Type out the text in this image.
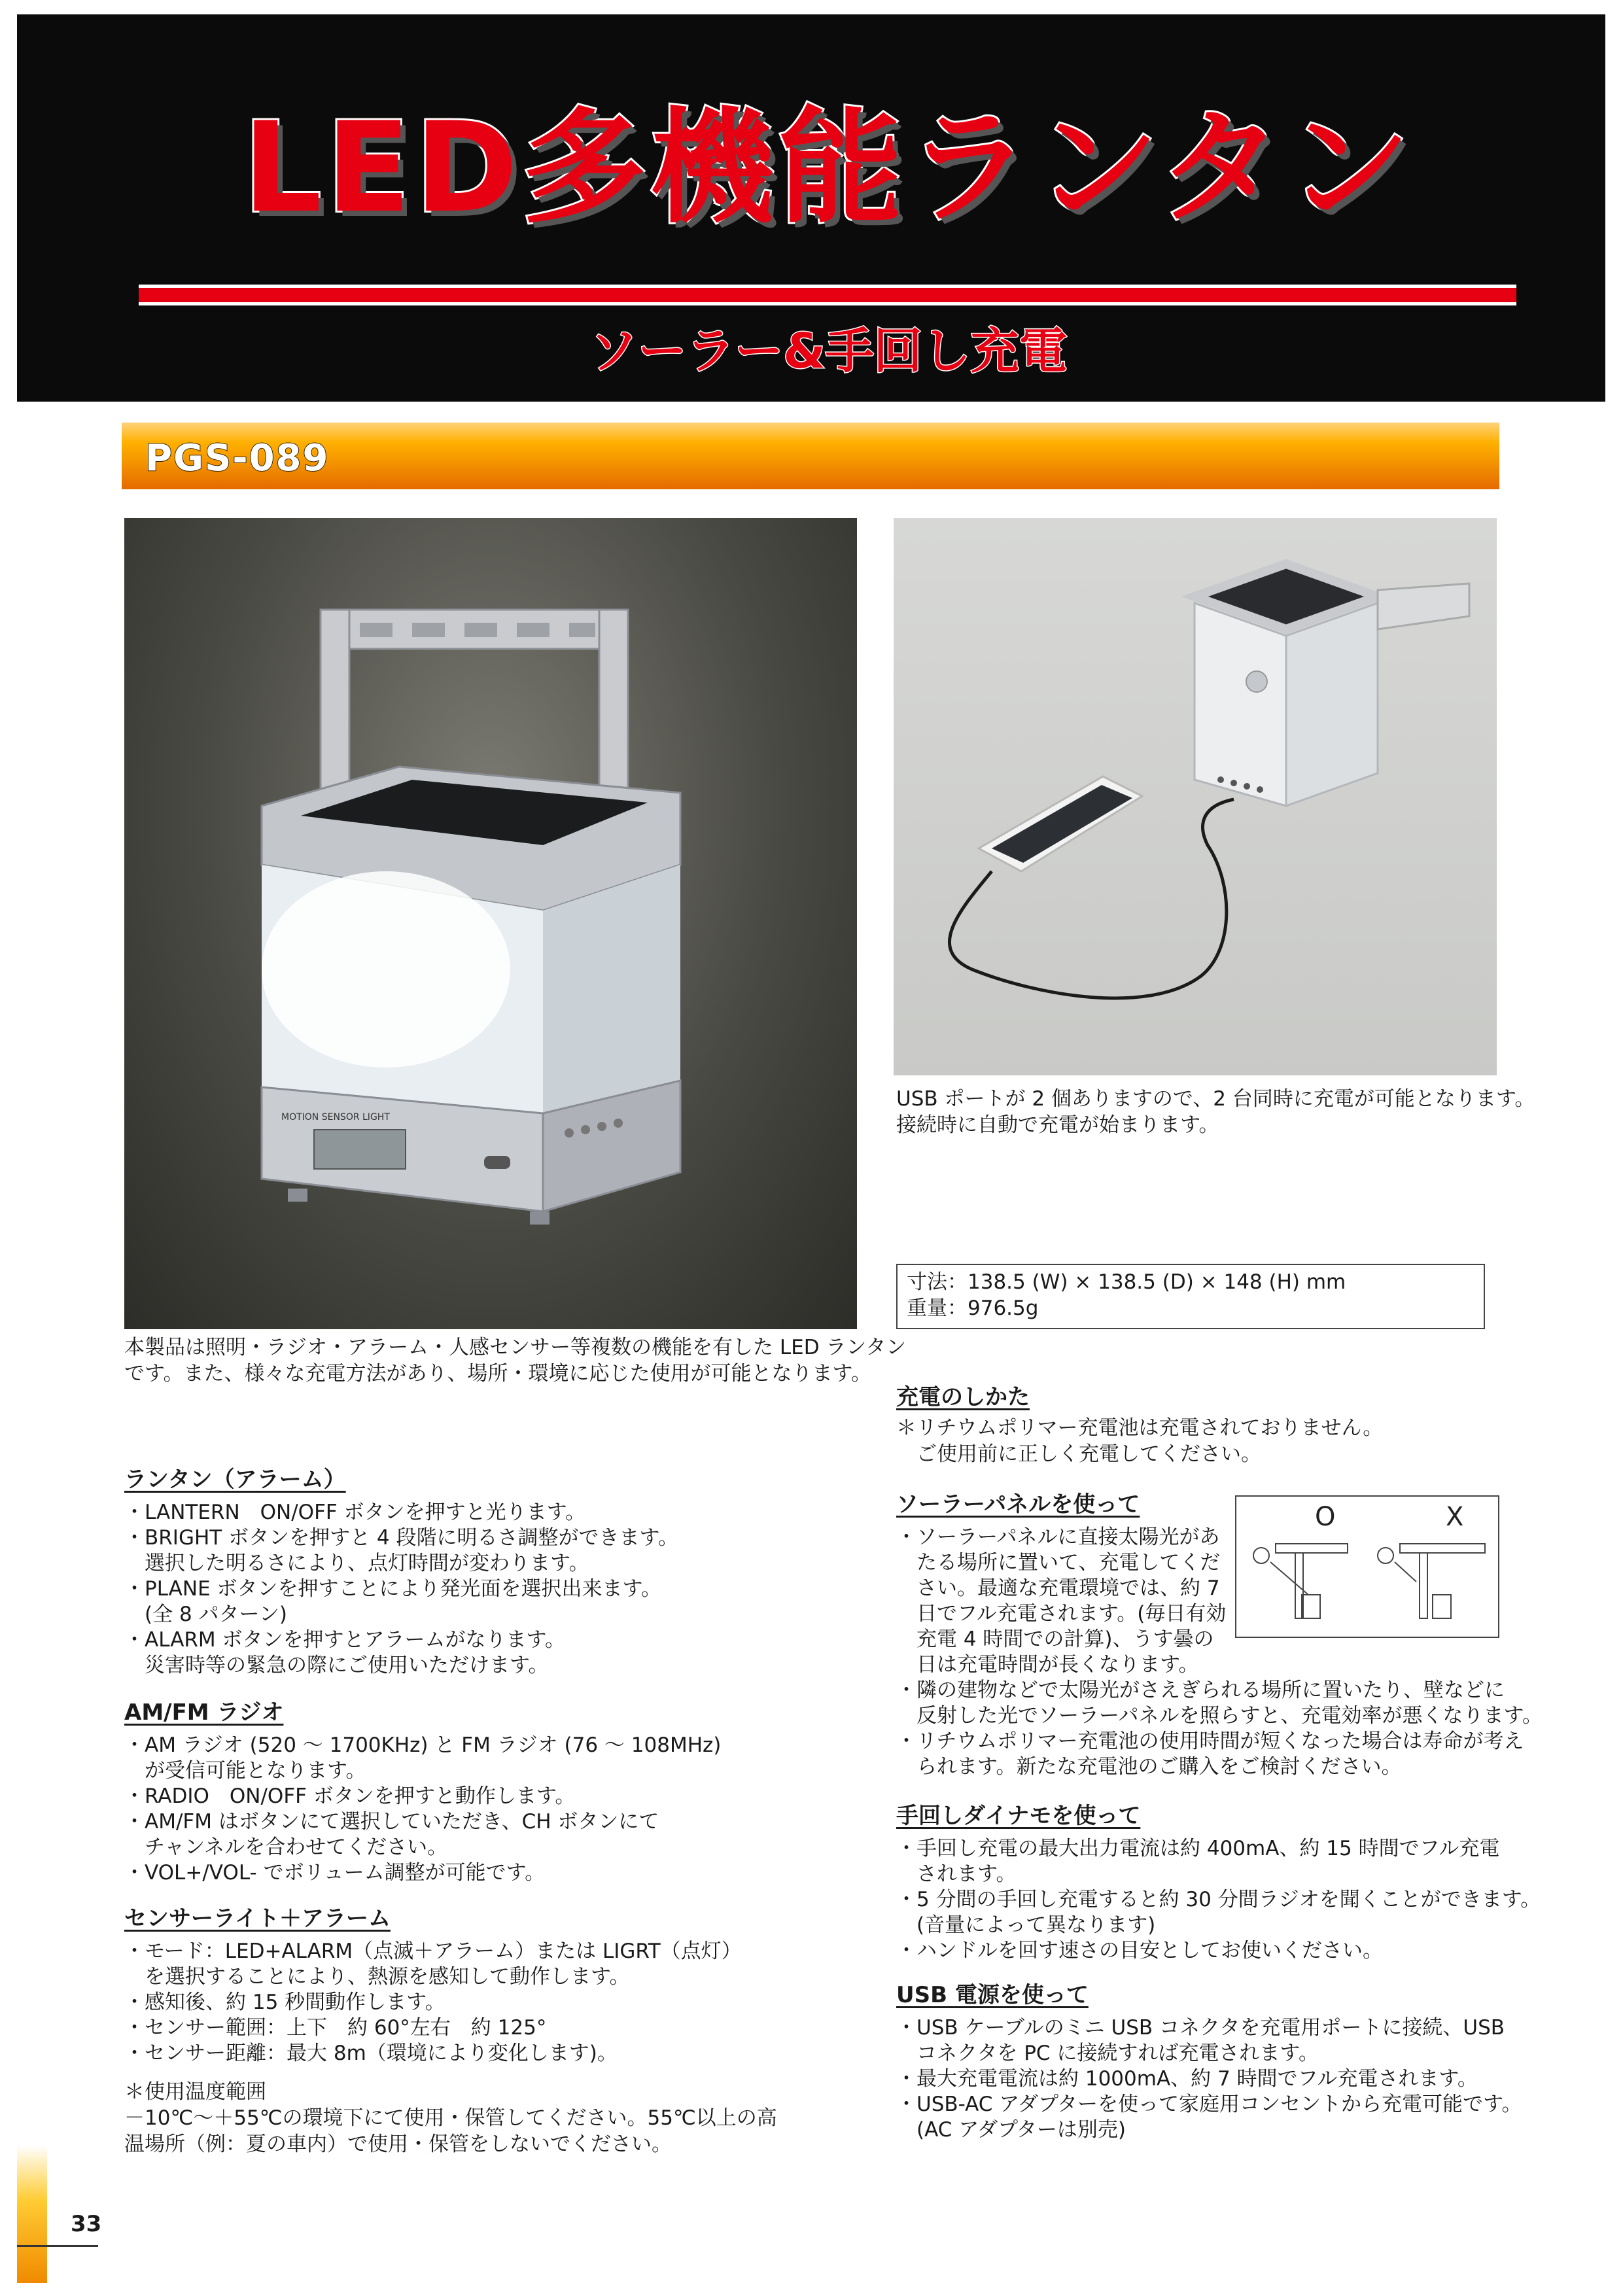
LED多機能ランタン
ソーラー&手回し充電
PGS-089
MOTION SENSOR LIGHT
USB ポートが 2 個ありますので、2 台同時に充電が可能となります。
接続時に自動で充電が始まります。
寸法：138.5 (W) × 138.5 (D) × 148 (H) mm
重量：976.5g
本製品は照明・ラジオ・アラーム・人感センサー等複数の機能を有した LED ランタン
です。また、様々な充電方法があり、場所・環境に応じた使用が可能となります。
ランタン（アラーム）
・LANTERN　ON/OFF ボタンを押すと光ります。
・BRIGHT ボタンを押すと 4 段階に明るさ調整ができます。
　選択した明るさにより、点灯時間が変わります。
・PLANE ボタンを押すことにより発光面を選択出来ます。
　(全 8 パターン)
・ALARM ボタンを押すとアラームがなります。
　災害時等の緊急の際にご使用いただけます。
AM/FM ラジオ
・AM ラジオ (520 ～ 1700KHz) と FM ラジオ (76 ～ 108MHz)
　が受信可能となります。
・RADIO　ON/OFF ボタンを押すと動作します。
・AM/FM はボタンにて選択していただき、CH ボタンにて
　チャンネルを合わせてください。
・VOL+/VOL- でボリューム調整が可能です。
センサーライト＋アラーム
・モード：LED+ALARM（点滅＋アラーム）または LIGRT（点灯）
　を選択することにより、熱源を感知して動作します。
・感知後、約 15 秒間動作します。
・センサー範囲：上下　約 60°左右　約 125°
・センサー距離：最大 8m（環境により変化します)。
＊使用温度範囲
－10℃～＋55℃の環境下にて使用・保管してください。55℃以上の高
温場所（例：夏の車内）で使用・保管をしないでください。
充電のしかた
＊リチウムポリマー充電池は充電されておりません。
　ご使用前に正しく充電してください。
ソーラーパネルを使って
・ソーラーパネルに直接太陽光があ
　たる場所に置いて、充電してくだ
　さい。最適な充電環境では、約 7
　日でフル充電されます。(毎日有効
　充電 4 時間での計算)、うす曇の
　日は充電時間が長くなります。
・隣の建物などで太陽光がさえぎられる場所に置いたり、壁などに
　反射した光でソーラーパネルを照らすと、充電効率が悪くなります。
・リチウムポリマー充電池の使用時間が短くなった場合は寿命が考え
　られます。新たな充電池のご購入をご検討ください。
O	X
手回しダイナモを使って
・手回し充電の最大出力電流は約 400mA、約 15 時間でフル充電
　されます。
・5 分間の手回し充電すると約 30 分間ラジオを聞くことができます。
　(音量によって異なります)
・ハンドルを回す速さの目安としてお使いください。
USB 電源を使って
・USB ケーブルのミニ USB コネクタを充電用ポートに接続、USB
　コネクタを PC に接続すれば充電されます。
・最大充電電流は約 1000mA、約 7 時間でフル充電されます。
・USB-AC アダプターを使って家庭用コンセントから充電可能です。
　(AC アダプターは別売)
33
